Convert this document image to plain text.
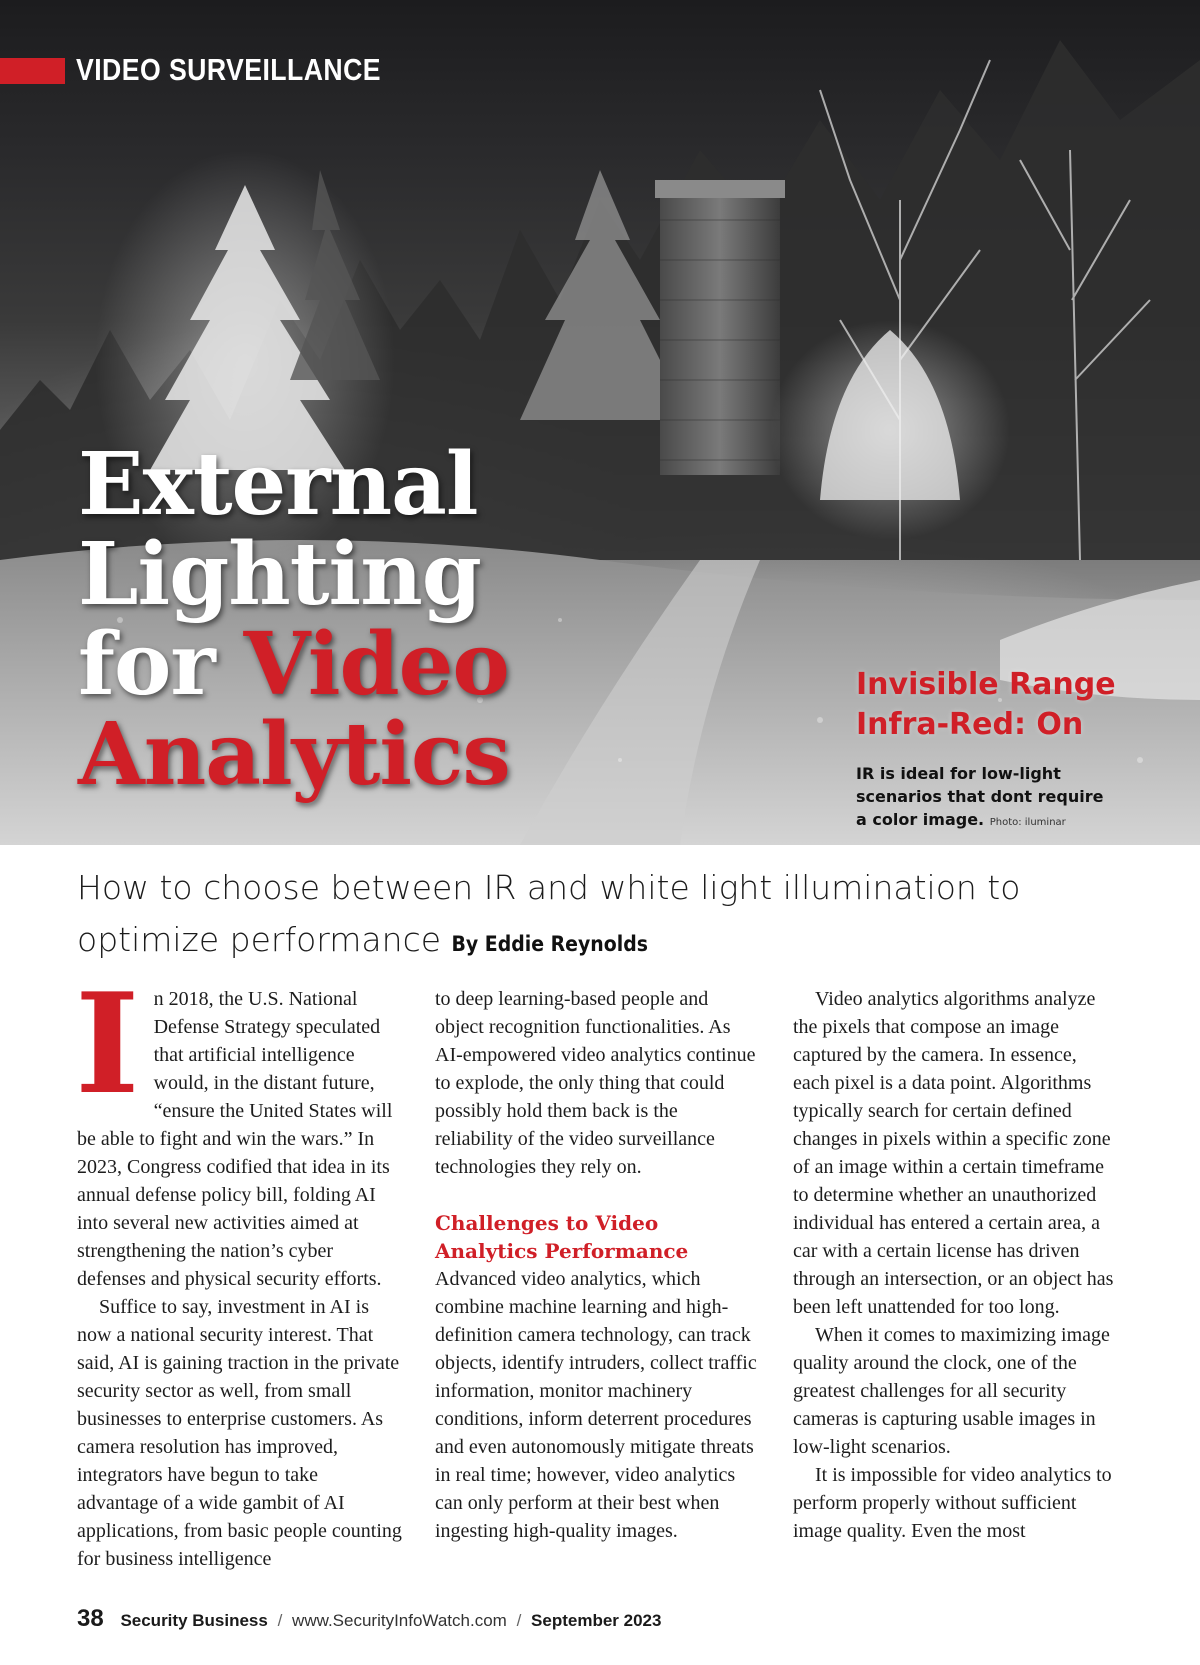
VIDEO SURVEILLANCE
External
Lighting
for Video
Analytics
Invisible Range Infra-Red: On
IR is ideal for low-light scenarios that dont require a color image. Photo: iluminar
How to choose between IR and white light illumination to optimize performance By Eddie Reynolds
I n 2018, the U.S. National Defense Strategy speculated that artificial intelligence would, in the distant future, “ensure the United States will be able to fight and win the wars.” In 2023, Congress codified that idea in its annual defense policy bill, folding AI into several new activities aimed at strengthening the nation’s cyber defenses and physical security efforts.

Suffice to say, investment in AI is now a national security interest. That said, AI is gaining traction in the private security sector as well, from small businesses to enterprise customers. As camera resolution has improved, integrators have begun to take advantage of a wide gambit of AI applications, from basic people counting for business intelligence

to deep learning-based people and object recognition functionalities. As AI-empowered video analytics continue to explode, the only thing that could possibly hold them back is the reliability of the video surveillance technologies they rely on.

Challenges to Video Analytics Performance

Advanced video analytics, which combine machine learning and high-definition camera technology, can track objects, identify intruders, collect traffic information, monitor machinery conditions, inform deterrent procedures and even autonomously mitigate threats in real time; however, video analytics can only perform at their best when ingesting high-quality images.

Video analytics algorithms analyze the pixels that compose an image captured by the camera. In essence, each pixel is a data point. Algorithms typically search for certain defined changes in pixels within a specific zone of an image within a certain timeframe to determine whether an unauthorized individual has entered a certain area, a car with a certain license has driven through an intersection, or an object has been left unattended for too long.

When it comes to maximizing image quality around the clock, one of the greatest challenges for all security cameras is capturing usable images in low-light scenarios.

It is impossible for video analytics to perform properly without sufficient image quality. Even the most

38 Security Business / www.SecurityInfoWatch.com / September 2023
